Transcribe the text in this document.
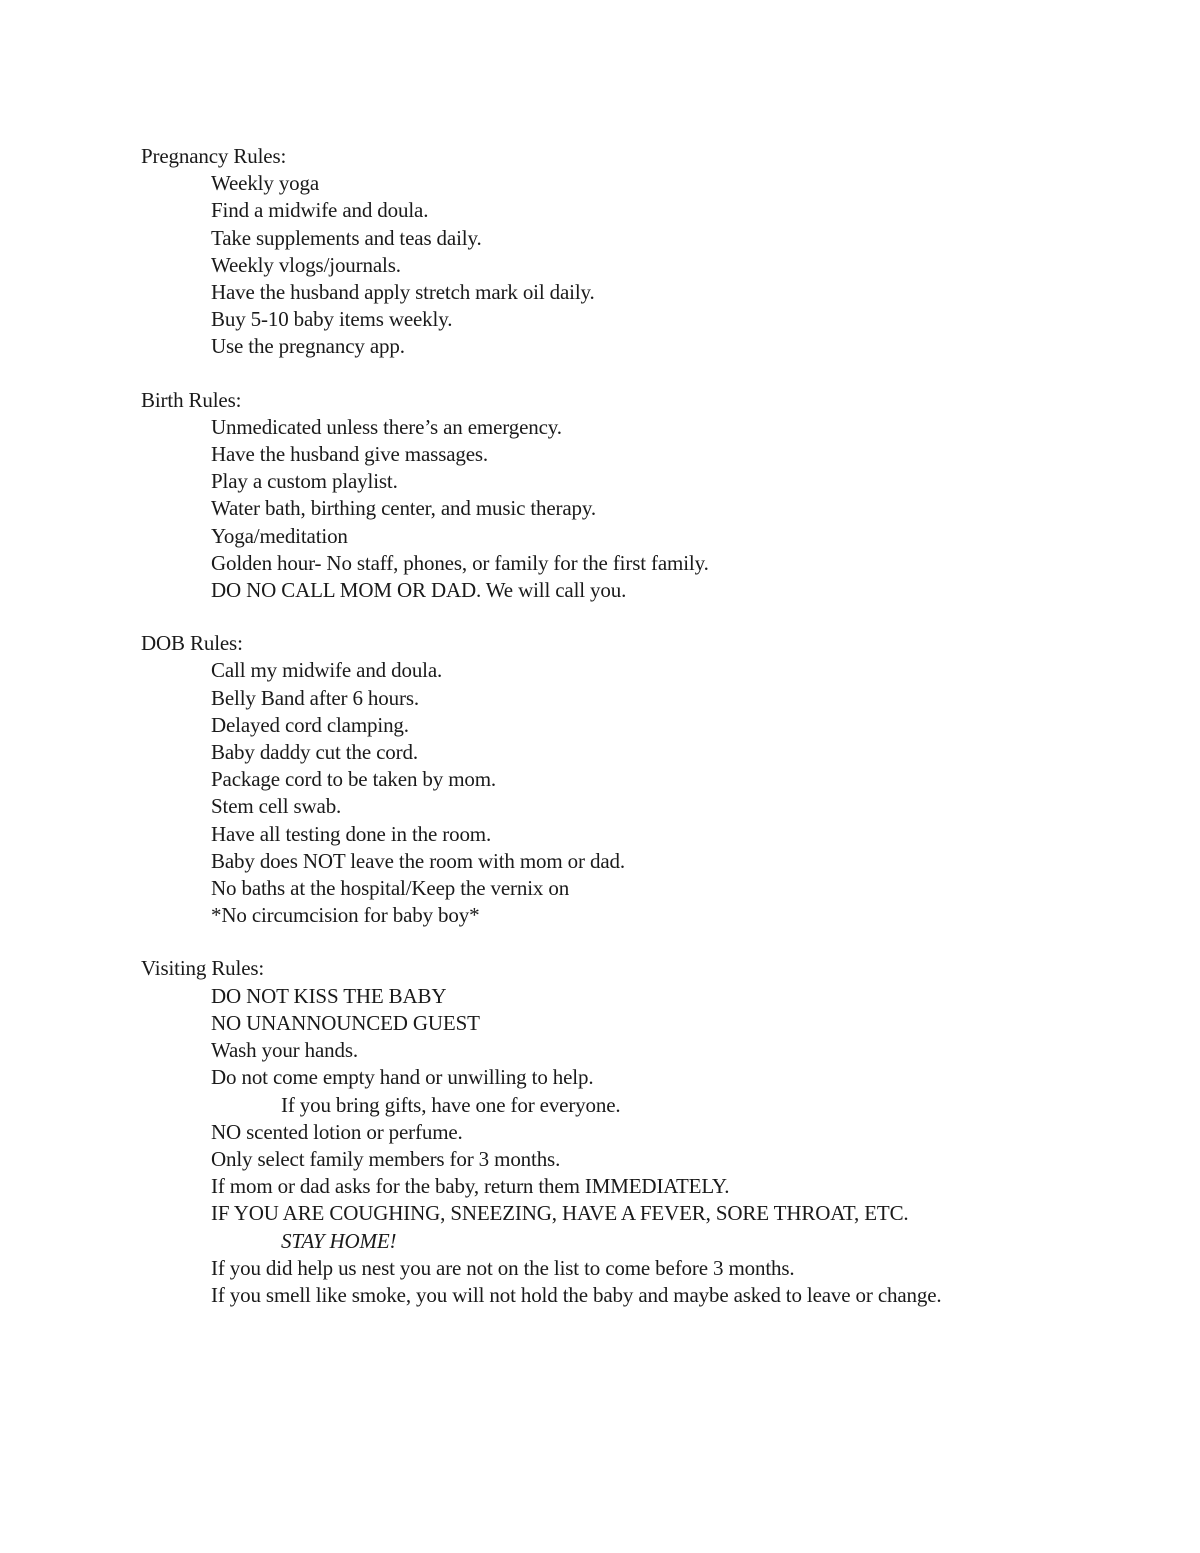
Pregnancy Rules:
Weekly yoga
Find a midwife and doula.
Take supplements and teas daily.
Weekly vlogs/journals.
Have the husband apply stretch mark oil daily.
Buy 5-10 baby items weekly.
Use the pregnancy app.
Birth Rules:
Unmedicated unless there’s an emergency.
Have the husband give massages.
Play a custom playlist.
Water bath, birthing center, and music therapy.
Yoga/meditation
Golden hour- No staff, phones, or family for the first family.
DO NO CALL MOM OR DAD. We will call you.
DOB Rules:
Call my midwife and doula.
Belly Band after 6 hours.
Delayed cord clamping.
Baby daddy cut the cord.
Package cord to be taken by mom.
Stem cell swab.
Have all testing done in the room.
Baby does NOT leave the room with mom or dad.
No baths at the hospital/Keep the vernix on
*No circumcision for baby boy*
Visiting Rules:
DO NOT KISS THE BABY
NO UNANNOUNCED GUEST
Wash your hands.
Do not come empty hand or unwilling to help.
If you bring gifts, have one for everyone.
NO scented lotion or perfume.
Only select family members for 3 months.
If mom or dad asks for the baby, return them IMMEDIATELY.
IF YOU ARE COUGHING, SNEEZING, HAVE A FEVER, SORE THROAT, ETC.
STAY HOME!
If you did help us nest you are not on the list to come before 3 months.
If you smell like smoke, you will not hold the baby and maybe asked to leave or change.
